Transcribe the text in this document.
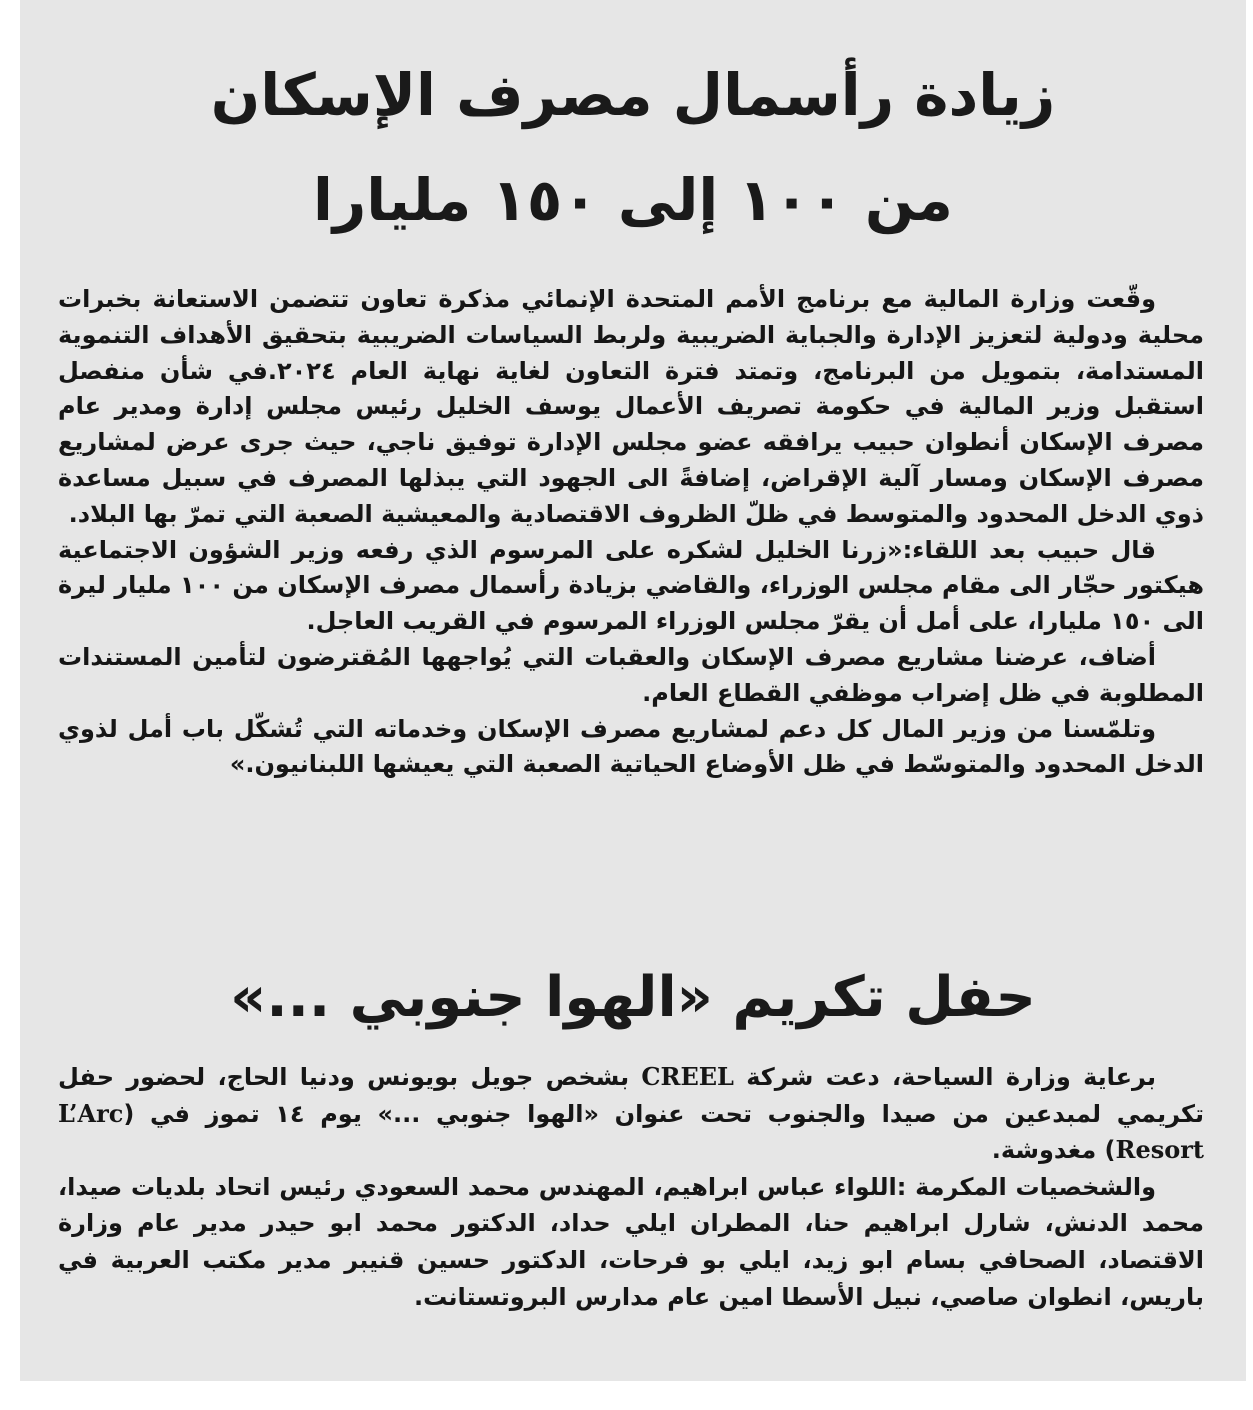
زيادة رأسمال مصرف الإسكان
من ١٠٠ إلى ١٥٠ مليارا

وقّعت وزارة المالية مع برنامج الأمم المتحدة الإنمائي مذكرة تعاون تتضمن الاستعانة بخبرات محلية ودولية لتعزيز الإدارة والجباية الضريبية ولربط السياسات الضريبية بتحقيق الأهداف التنموية المستدامة، بتمويل من البرنامج، وتمتد فترة التعاون لغاية نهاية العام ٢٠٢٤.في شأن منفصل استقبل وزير المالية في حكومة تصريف الأعمال يوسف الخليل رئيس مجلس إدارة ومدير عام مصرف الإسكان أنطوان حبيب يرافقه عضو مجلس الإدارة توفيق ناجي، حيث جرى عرض لمشاريع مصرف الإسكان ومسار آلية الإقراض، إضافةً الى الجهود التي يبذلها المصرف في سبيل مساعدة ذوي الدخل المحدود والمتوسط في ظلّ الظروف الاقتصادية والمعيشية الصعبة التي تمرّ بها البلاد.

قال حبيب بعد اللقاء:«زرنا الخليل لشكره على المرسوم الذي رفعه وزير الشؤون الاجتماعية هيكتور حجّار الى مقام مجلس الوزراء، والقاضي بزيادة رأسمال مصرف الإسكان من ١٠٠ مليار ليرة الى ١٥٠ مليارا، على أمل أن يقرّ مجلس الوزراء المرسوم في القريب العاجل.

أضاف، عرضنا مشاريع مصرف الإسكان والعقبات التي يُواجهها المُقترضون لتأمين المستندات المطلوبة في ظل إضراب موظفي القطاع العام.

وتلمّسنا من وزير المال كل دعم لمشاريع مصرف الإسكان وخدماته التي تُشكّل باب أمل لذوي الدخل المحدود والمتوسّط في ظل الأوضاع الحياتية الصعبة التي يعيشها اللبنانيون.»

حفل تكريم «الهوا جنوبي ...»

برعاية وزارة السياحة، دعت شركة CREEL بشخص جويل بويونس ودنيا الحاج، لحضور حفل تكريمي لمبدعين من صيدا والجنوب تحت عنوان «الهوا جنوبي ...» يوم ١٤ تموز في (L’Arc Resort) مغدوشة.

والشخصيات المكرمة :اللواء عباس ابراهيم، المهندس محمد السعودي رئيس اتحاد بلديات صيدا، محمد الدنش، شارل ابراهيم حنا، المطران ايلي حداد، الدكتور محمد ابو حيدر مدير عام وزارة الاقتصاد، الصحافي بسام ابو زيد، ايلي بو فرحات، الدكتور حسين قنيبر مدير مكتب العربية في باريس، انطوان صاصي، نبيل الأسطا امين عام مدارس البروتستانت.
